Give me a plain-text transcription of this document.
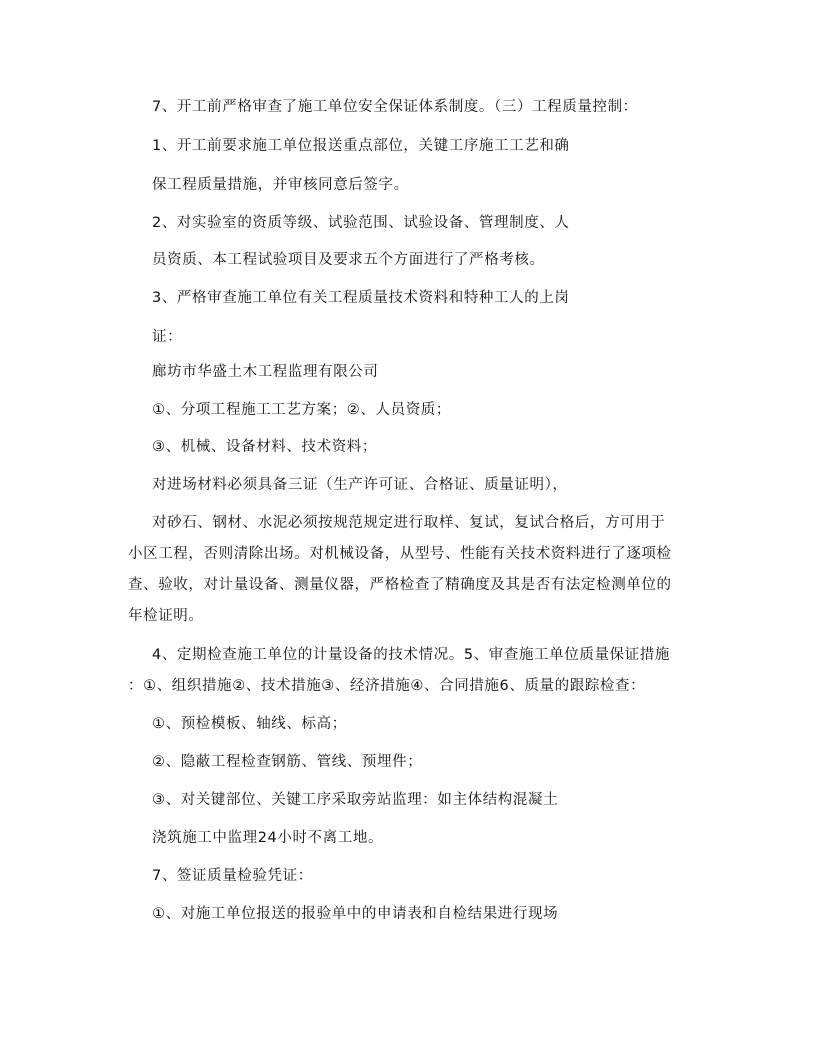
7、开工前严格审查了施工单位安全保证体系制度。（三）工程质量控制：
1、开工前要求施工单位报送重点部位，关键工序施工工艺和确
保工程质量措施，并审核同意后签字。
2、对实验室的资质等级、试验范围、试验设备、管理制度、人
员资质、本工程试验项目及要求五个方面进行了严格考核。
3、严格审查施工单位有关工程质量技术资料和特种工人的上岗
证：
廊坊市华盛土木工程监理有限公司
①、分项工程施工工艺方案；②、人员资质；
③、机械、设备材料、技术资料；
对进场材料必须具备三证（生产许可证、合格证、质量证明），
对砂石、钢材、水泥必须按规范规定进行取样、复试，复试合格后，方可用于
小区工程，否则清除出场。对机械设备，从型号、性能有关技术资料进行了逐项检
查、验收，对计量设备、测量仪器，严格检查了精确度及其是否有法定检测单位的
年检证明。
4、定期检查施工单位的计量设备的技术情况。5、审查施工单位质量保证措施
：①、组织措施②、技术措施③、经济措施④、合同措施6、质量的跟踪检查：
①、预检模板、轴线、标高；
②、隐蔽工程检查钢筋、管线、预埋件；
③、对关键部位、关键工序采取旁站监理：如主体结构混凝土
浇筑施工中监理24小时不离工地。
7、签证质量检验凭证：
①、对施工单位报送的报验单中的申请表和自检结果进行现场
